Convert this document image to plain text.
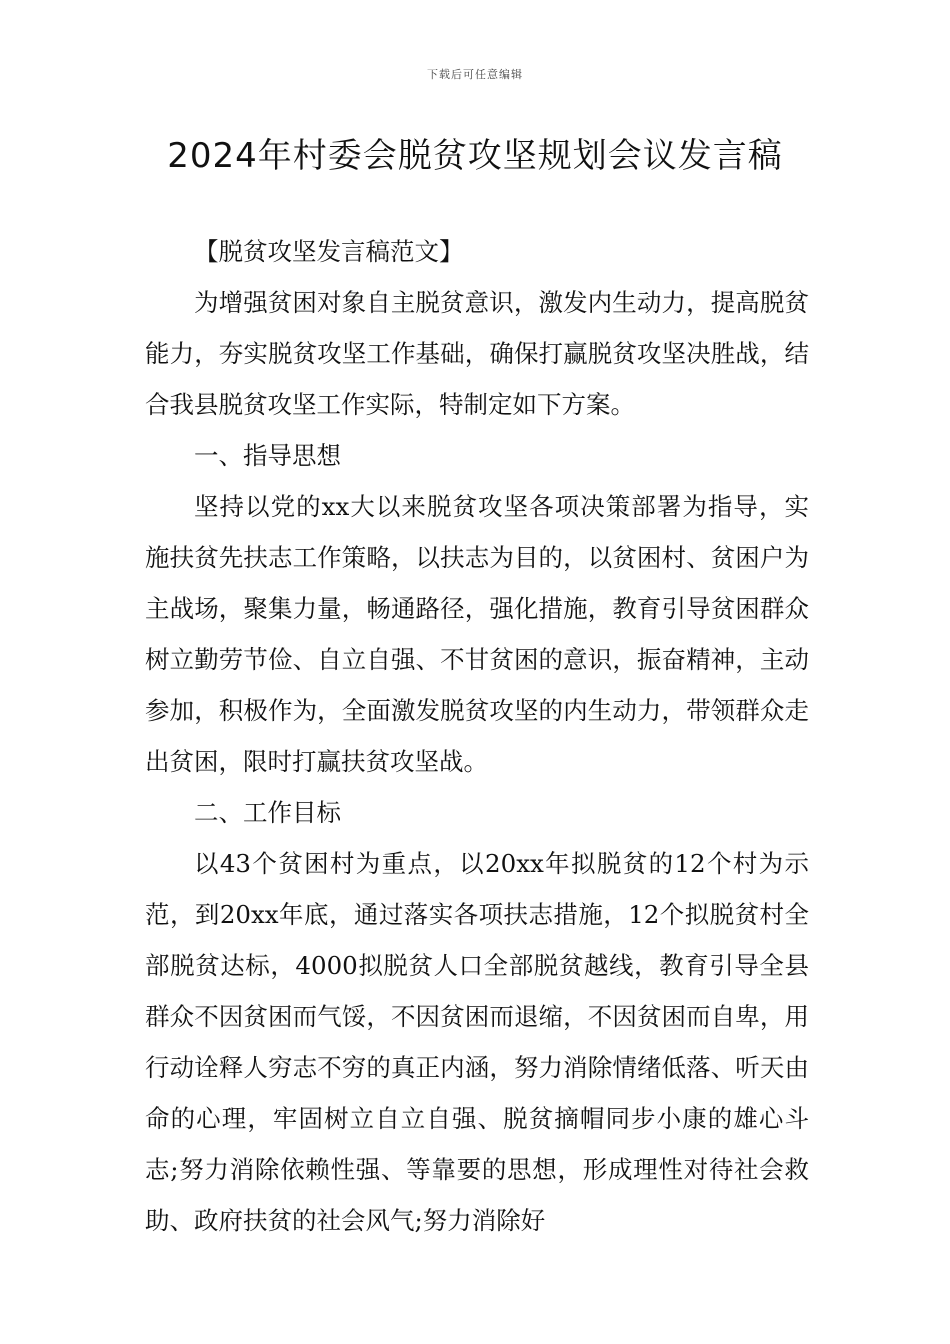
下载后可任意编辑
2024年村委会脱贫攻坚规划会议发言稿

【脱贫攻坚发言稿范文】

为增强贫困对象自主脱贫意识，激发内生动力，提高脱贫能力，夯实脱贫攻坚工作基础，确保打赢脱贫攻坚决胜战，结合我县脱贫攻坚工作实际，特制定如下方案。

一、指导思想

坚持以党的xx大以来脱贫攻坚各项决策部署为指导，实施扶贫先扶志工作策略，以扶志为目的，以贫困村、贫困户为主战场，聚集力量，畅通路径，强化措施，教育引导贫困群众树立勤劳节俭、自立自强、不甘贫困的意识，振奋精神，主动参加，积极作为，全面激发脱贫攻坚的内生动力，带领群众走出贫困，限时打赢扶贫攻坚战。

二、工作目标

以43个贫困村为重点，以20xx年拟脱贫的12个村为示范，到20xx年底，通过落实各项扶志措施，12个拟脱贫村全部脱贫达标，4000拟脱贫人口全部脱贫越线，教育引导全县群众不因贫困而气馁，不因贫困而退缩，不因贫困而自卑，用行动诠释人穷志不穷的真正内涵，努力消除情绪低落、听天由命的心理，牢固树立自立自强、脱贫摘帽同步小康的雄心斗志;努力消除依赖性强、等靠要的思想，形成理性对待社会救助、政府扶贫的社会风气;努力消除好
